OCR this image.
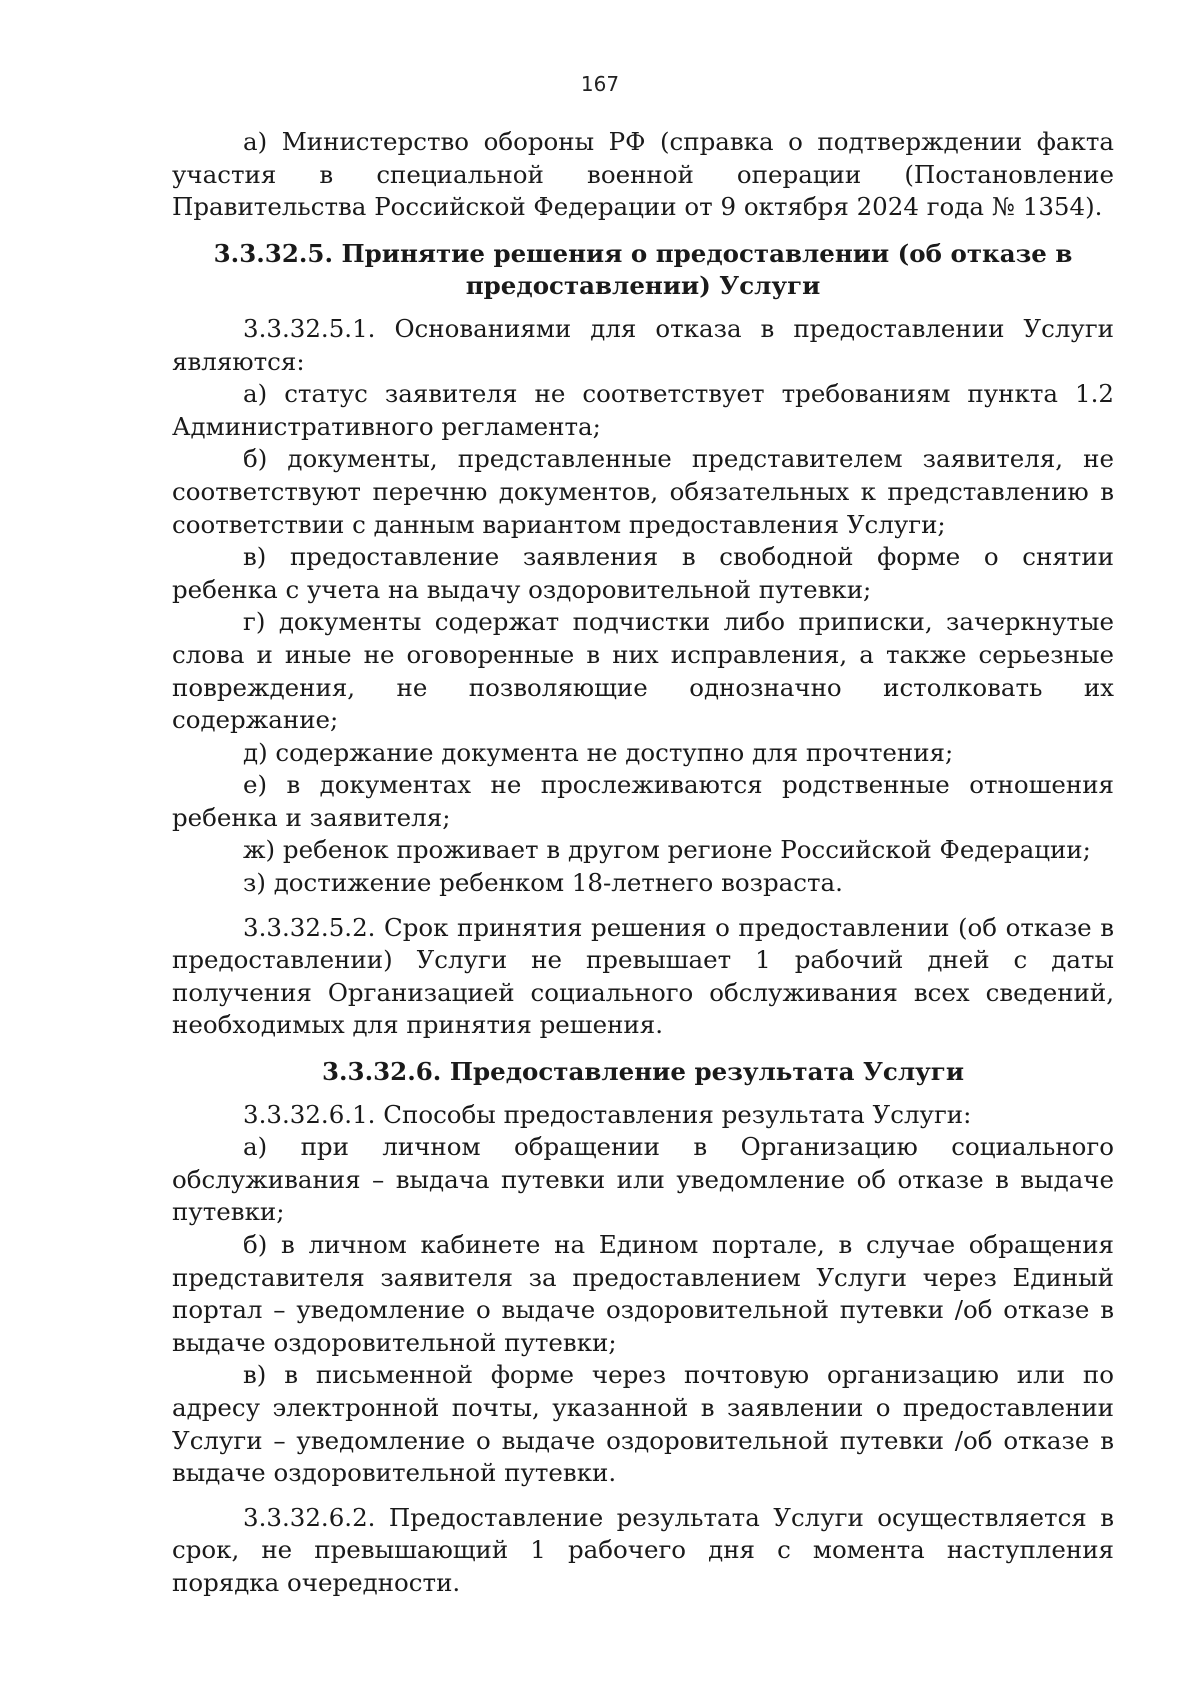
167

а) Министерство обороны РФ (справка о подтверждении факта участия в специальной военной операции (Постановление Правительства Российской Федерации от 9 октября 2024 года № 1354).

3.3.32.5. Принятие решения о предоставлении (об отказе в предоставлении) Услуги

3.3.32.5.1. Основаниями для отказа в предоставлении Услуги являются:

а) статус заявителя не соответствует требованиям пункта 1.2 Административного регламента;

б) документы, представленные представителем заявителя, не соответствуют перечню документов, обязательных к представлению в соответствии с данным вариантом предоставления Услуги;

в) предоставление заявления в свободной форме о снятии ребенка с учета на выдачу оздоровительной путевки;

г) документы содержат подчистки либо приписки, зачеркнутые слова и иные не оговоренные в них исправления, а также серьезные повреждения, не позволяющие однозначно истолковать их содержание;

д) содержание документа не доступно для прочтения;

е) в документах не прослеживаются родственные отношения ребенка и заявителя;

ж) ребенок проживает в другом регионе Российской Федерации;

з) достижение ребенком 18-летнего возраста.

3.3.32.5.2. Срок принятия решения о предоставлении (об отказе в предоставлении) Услуги не превышает 1 рабочий дней с даты получения Организацией социального обслуживания всех сведений, необходимых для принятия решения.

3.3.32.6. Предоставление результата Услуги

3.3.32.6.1. Способы предоставления результата Услуги:

а) при личном обращении в Организацию социального обслуживания – выдача путевки или уведомление об отказе в выдаче путевки;

б) в личном кабинете на Едином портале, в случае обращения представителя заявителя за предоставлением Услуги через Единый портал – уведомление о выдаче оздоровительной путевки /об отказе в выдаче оздоровительной путевки;

в) в письменной форме через почтовую организацию или по адресу электронной почты, указанной в заявлении о предоставлении Услуги – уведомление о выдаче оздоровительной путевки /об отказе в выдаче оздоровительной путевки.

3.3.32.6.2. Предоставление результата Услуги осуществляется в срок, не превышающий 1 рабочего дня с момента наступления порядка очередности.
